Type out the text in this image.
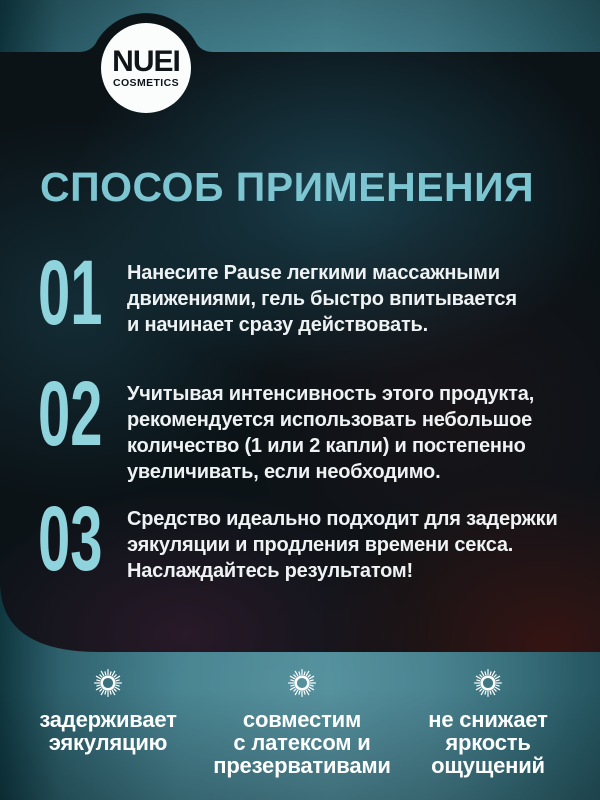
NUEI
COSMETICS
СПОСОБ ПРИМЕНЕНИЯ
01 Нанесите Pause легкими массажными
движениями, гель быстро впитывается
и начинает сразу действовать.
02 Учитывая интенсивность этого продукта,
рекомендуется использовать небольшое
количество (1 или 2 капли) и постепенно
увеличивать, если необходимо.
03 Средство идеально подходит для задержки
эякуляции и продления времени секса.
Наслаждайтесь результатом!
задерживает
эякуляцию
совместим
с латексом и
презервативами
не снижает
яркость
ощущений
